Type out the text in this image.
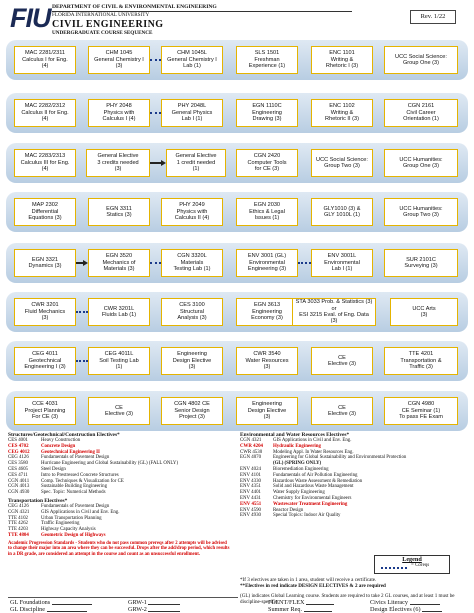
FIU DEPARTMENT OF CIVIL & ENVIRONMENTAL ENGINEERING
FLORIDA INTERNATIONAL UNIVERSITY
CIVIL ENGINEERING
UNDERGRADUATE COURSE SEQUENCE
Rev. 1/22
MAC 2281/2311
Calculus I for Eng.
(4)
CHM 1045
General Chemistry I
(3)
CHM 1045L
General Chemistry I
Lab (1)
SLS 1501
Freshman
Experience (1)
ENC 1101
Writing &
Rhetoric I (3)
UCC Social Science:
Group One (3)
MAC 2282/2312
Calculus II for Eng.
(4)
PHY 2048
Physics with
Calculus I (4)
PHY 2048L
General Physics
Lab I (1)
EGN 1110C
Engineering
Drawing (3)
ENC 1102
Writing &
Rhetoric II (3)
CGN 2161
Civil Career
Orientation (1)
MAC 2283/2313
Calculus III for Eng.
(4)
General Elective
3 credits needed
(3)
General Elective
1 credit needed
(1)
CGN 2420
Computer Tools
for CE (3)
UCC Social Science:
Group Two (3)
UCC Humanities:
Group One (3)
MAP 2302
Differential
Equations (3)
EGN 3311
Statics (3)
PHY 2049
Physics with
Calculus II (4)
EGN 2030
Ethics & Legal
Issues (1)
GLY1010 (3) &
GLY 1010L (1)
UCC Humanities:
Group Two (3)
EGN 3321
Dynamics (3)
EGN 3520
Mechanics of
Materials (3)
CGN 3320L
Materials
Testing Lab (1)
ENV 3001 (GL)
Environmental
Engineering (3)
ENV 3001L
Environmental
Lab I (1)
SUR 2101C
Surveying (3)
CWR 3201
Fluid Mechanics
(3)
CWR 3201L
Fluids Lab (1)
CES 3100
Structural
Analysis (3)
EGN 3613
Engineering
Economy (3)
STA 3033 Prob. & Statistics (3)
or
ESI 3215 Eval. of Eng. Data (3)
UCC Arts
(3)
CEG 4011
Geotechnical
Engineering I (3)
CEG 4011L
Soil Testing Lab
(1)
Engineering
Design Elective
(3)
CWR 3540
Water Resources
(3)
CE
Elective (3)
TTE 4201
Transportation &
Traffic (3)
CCE 4031
Project Planning
For CE (3)
CE
Elective (3)
CGN 4802 CE
Senior Design
Project (3)
Engineering
Design Elective
(3)
CE
Elective (3)
CGN 4980
CE Seminar (1)
To pass FE Exam
Structures/Geotechnical/Construction Electives*
CES 4001	Heavy Construction
CES 4702	Concrete Design
CEG 4012 Geotechnical Engineering II
CEG 4126 Fundamentals of Pavement Design
CES 3580	Hurricane Engineering and Global Sustainability (GL) (FALL ONLY)
CES 4605	Steel Design
CES 4711	Intro to Prestressed Concrete Structures
CGN 4011 Comp. Techniques & Visualization for CE
CGN 4013 Sustainable Building Engineering
CGN 4930 Spec. Topic: Numerical Methods
Transportation Electives*
CEG 4126 Fundamentals of Pavement Design
CGN 4321 GIS Applications in Civil and Env. Eng.
TTE 4102	Urban Transportation Planning
TTE 4262	Traffic Engineering
TTE 4203	Highway Capacity Analysis
TTE 4804 Geometric Design of Highways
Academic Progression Standards - Students who do not pass common prereqs after 2 attempts will be advised to change their major into an area where they can be successful. Drops after the add/drop period, which results in a DR grade, are considered an attempt in the course and count as an unsuccessful enrollment.
Environmental and Water Resources Electives*
CGN 4321 GIS Applications in Civil and Env. Eng.
CWR 4204 Hydraulic Engineering
CWR 4530 Modeling Appl. In Water Resources Eng.
EGN 4070 Engineering for Global Sustainability and Environmental Protection
(GL) (SPRING ONLY)
ENV 4024 Bioremediation Engineering
ENV 4101 Fundamentals of Air Pollution Engineering
ENV 4330 Hazardous Waste Assessment & Remediation
ENV 4351 Solid and Hazardous Waste Management
ENV 4401 Water Supply Engineering
ENV 4431 Chemistry for Environmental Engineers
ENV 4551 Wastewater Treatment Engineering
ENV 4590 Reactor Design
ENV 4930 Special Topics: Indoor Air Quality
*If 3 electives are taken in 1 area, student will receive a certificate.
**Electives in red indicate DESIGN ELECTIVES & 2 are required
(GL) indicates Global Learning course. Students are required to take 2 GL courses, and at least 1 must be discipline-specific.
Legend
= Coreqs
GL Foundations
GL Discipline
GRW-1
GRW-2
FLENT/FLEX
Summer Req.
Civics Literacy
Design Electives (6)
